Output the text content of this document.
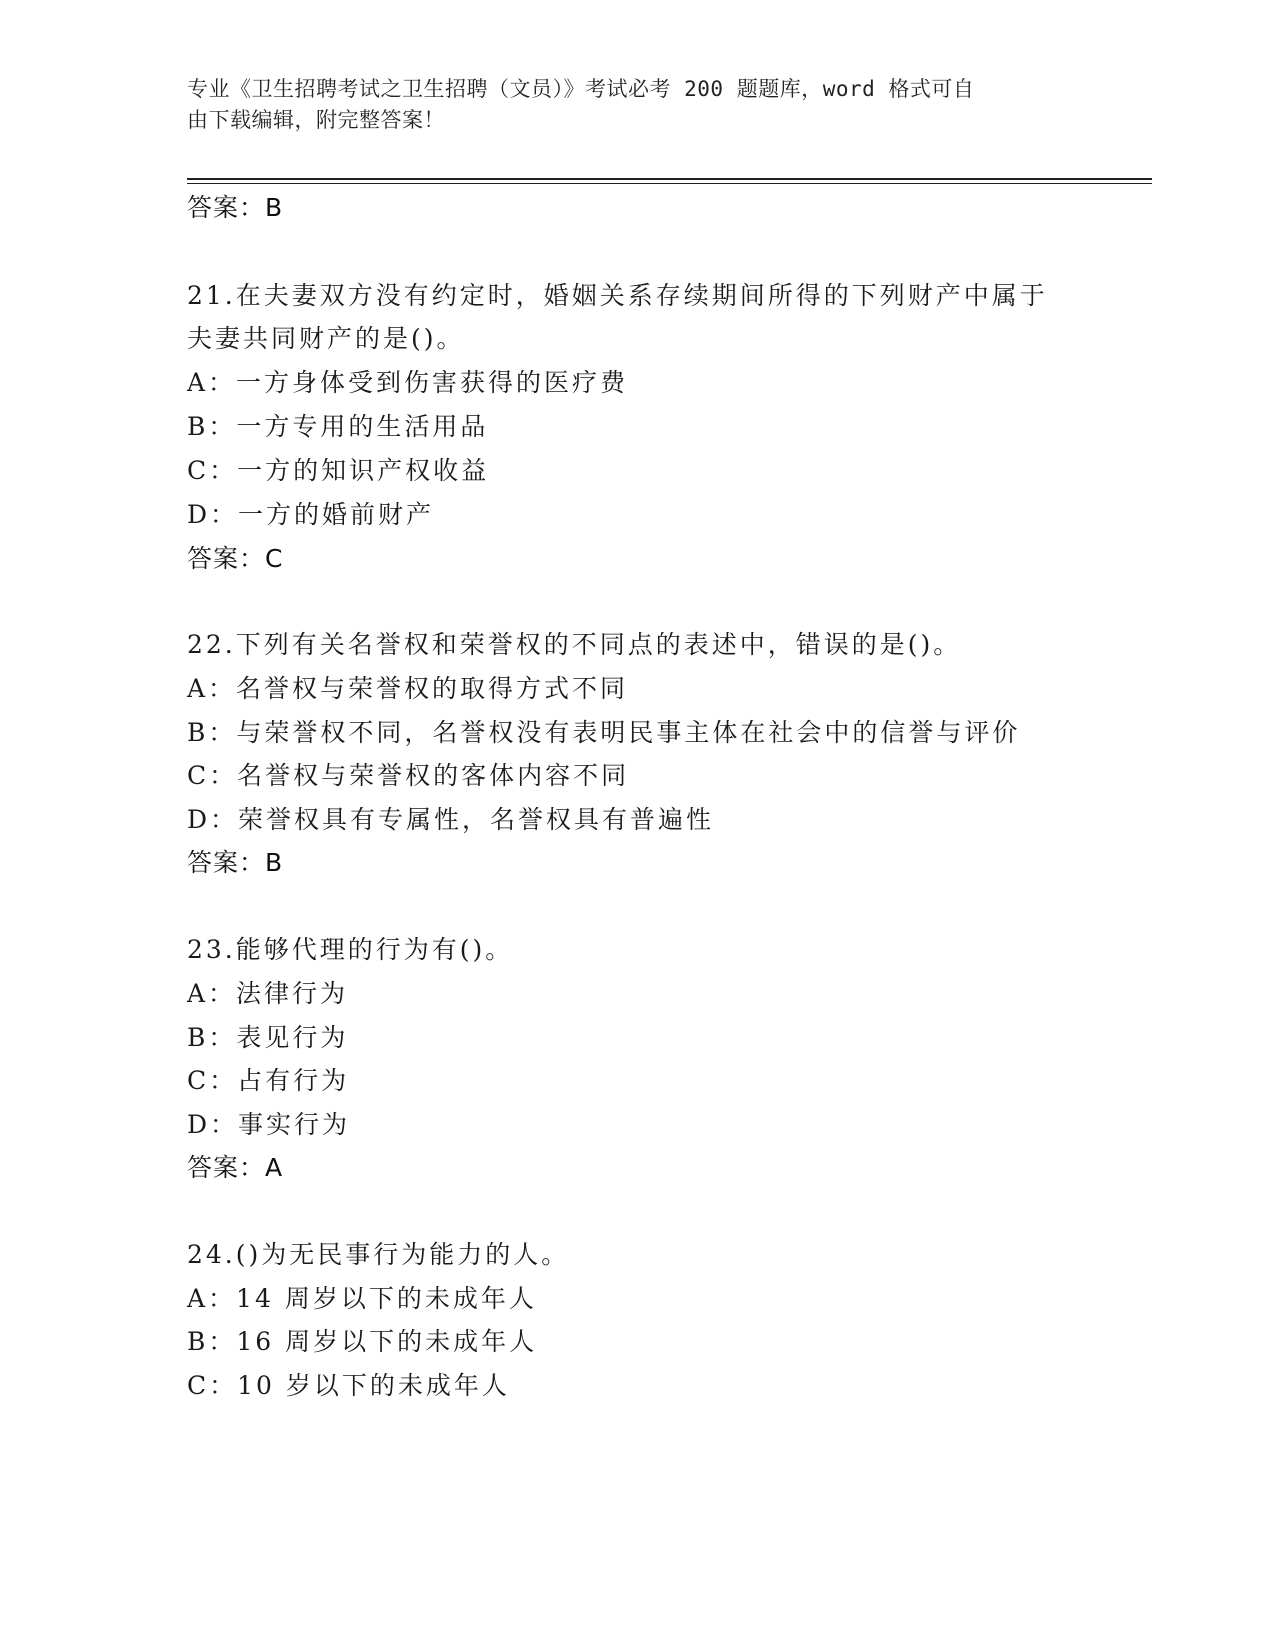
专业《卫生招聘考试之卫生招聘（文员）》考试必考 200 题题库，word 格式可自
由下载编辑，附完整答案！
答案：B
21.在夫妻双方没有约定时，婚姻关系存续期间所得的下列财产中属于
夫妻共同财产的是()。
A：一方身体受到伤害获得的医疗费
B：一方专用的生活用品
C：一方的知识产权收益
D：一方的婚前财产
答案：C
22.下列有关名誉权和荣誉权的不同点的表述中，错误的是()。
A：名誉权与荣誉权的取得方式不同
B：与荣誉权不同，名誉权没有表明民事主体在社会中的信誉与评价
C：名誉权与荣誉权的客体内容不同
D：荣誉权具有专属性，名誉权具有普遍性
答案：B
23.能够代理的行为有()。
A：法律行为
B：表见行为
C：占有行为
D：事实行为
答案：A
24.()为无民事行为能力的人。
A：14 周岁以下的未成年人
B：16 周岁以下的未成年人
C：10 岁以下的未成年人
